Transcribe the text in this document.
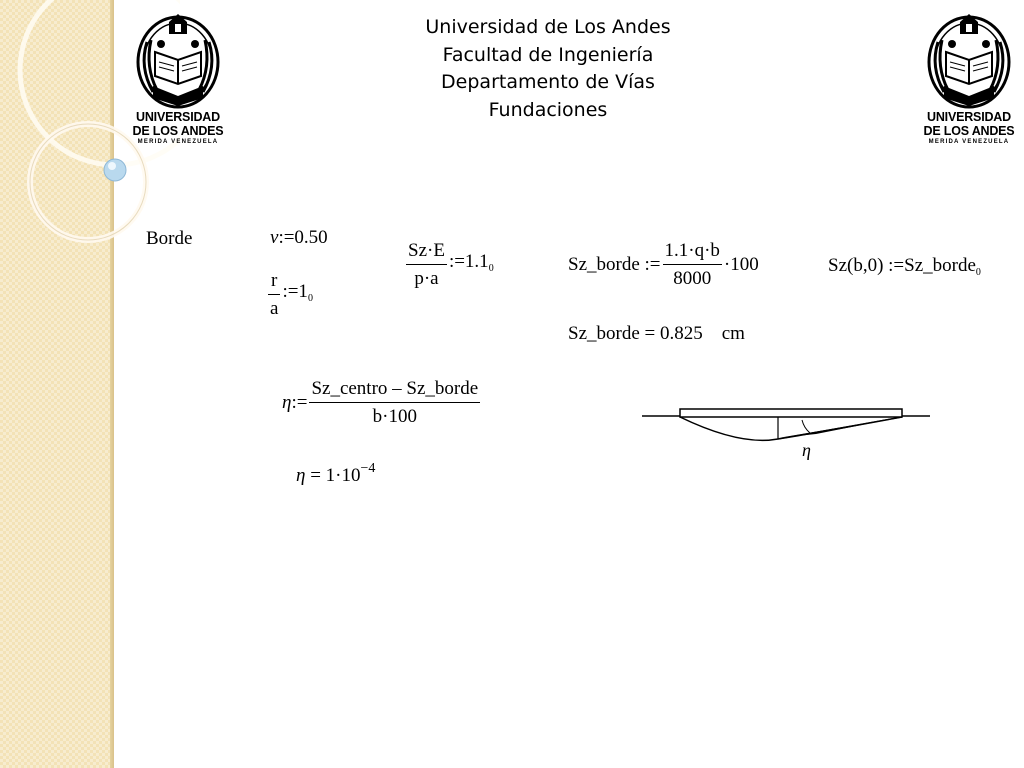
UNIVERSIDAD
DE LOS ANDES
MERIDA VENEZUELA
UNIVERSIDAD
DE LOS ANDES
MERIDA VENEZUELA
Universidad de Los Andes
Facultad de Ingeniería
Departamento de Vías
Fundaciones
Borde	ν:=0.50
$\frac{r}{a}$ $:=1_0$
$\frac{Sz\cdot E}{p\cdot a}$ $:=1.1_0$	Sz_borde := $\frac{1.1\cdot q\cdot b}{8000} \cdot 100$	Sz(b,0) :=Sz_borde$_0$
Sz_borde = 0.825 cm
η:= $\frac{\text{Sz\_centro – Sz\_borde}}{b\cdot 100}$
$\eta = 1\cdot 10^{-4}$
η
